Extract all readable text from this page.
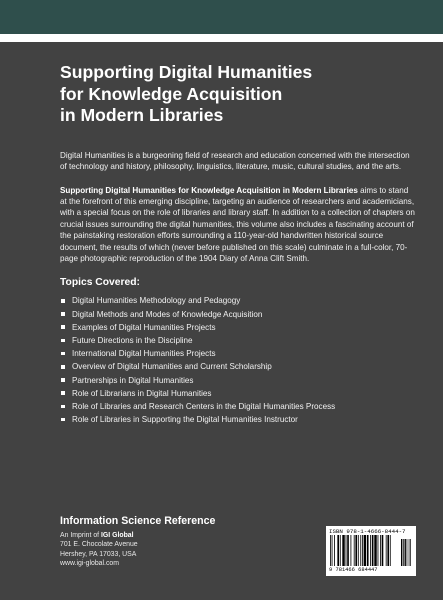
Supporting Digital Humanities
for Knowledge Acquisition
in Modern Libraries

Digital Humanities is a burgeoning field of research and education concerned with the intersection of technology and history, philosophy, linguistics, literature, music, cultural studies, and the arts.

Supporting Digital Humanities for Knowledge Acquisition in Modern Libraries aims to stand at the forefront of this emerging discipline, targeting an audience of researchers and academicians, with a special focus on the role of libraries and library staff. In addition to a collection of chapters on crucial issues surrounding the digital humanities, this volume also includes a fascinating account of the painstaking restoration efforts surrounding a 110-year-old handwritten historical source document, the results of which (never before published on this scale) culminate in a full-color, 70-page photographic reproduction of the 1904 Diary of Anna Clift Smith.

Topics Covered:
Digital Humanities Methodology and Pedagogy
Digital Methods and Modes of Knowledge Acquisition
Examples of Digital Humanities Projects
Future Directions in the Discipline
International Digital Humanities Projects
Overview of Digital Humanities and Current Scholarship
Partnerships in Digital Humanities
Role of Librarians in Digital Humanities
Role of Libraries and Research Centers in the Digital Humanities Process
Role of Libraries in Supporting the Digital Humanities Instructor
Information Science Reference
An Imprint of IGI Global
701 E. Chocolate Avenue
Hershey, PA 17033, USA
www.igi-global.com
ISBN 978-1-4666-8444-7
9 781466 684447
